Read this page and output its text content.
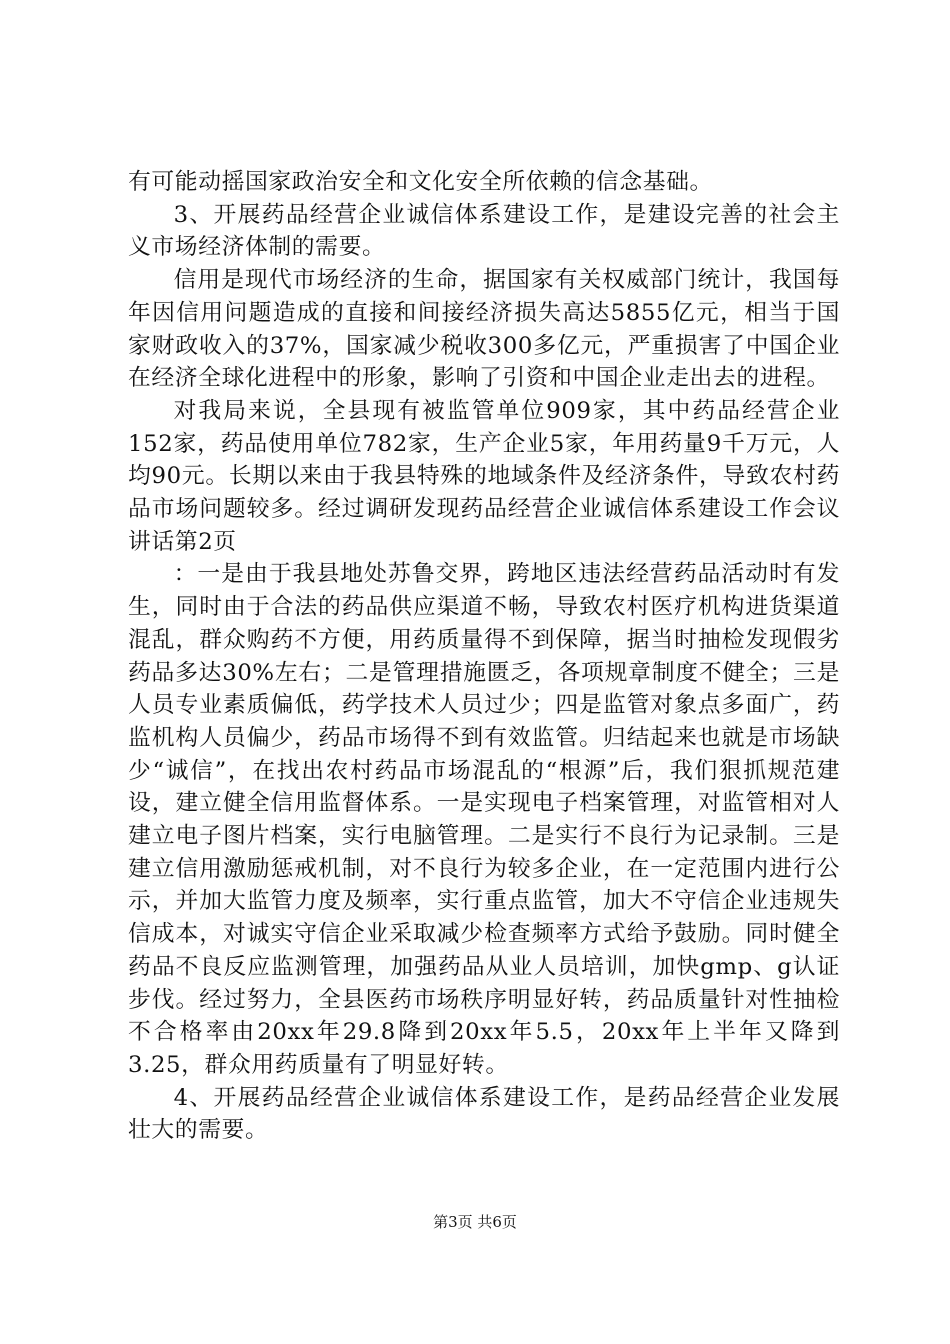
有可能动摇国家政治安全和文化安全所依赖的信念基础。

3、开展药品经营企业诚信体系建设工作，是建设完善的社会主义市场经济体制的需要。

信用是现代市场经济的生命，据国家有关权威部门统计，我国每年因信用问题造成的直接和间接经济损失高达5855亿元，相当于国家财政收入的37%，国家减少税收300多亿元，严重损害了中国企业在经济全球化进程中的形象，影响了引资和中国企业走出去的进程。

对我局来说，全县现有被监管单位909家，其中药品经营企业152家，药品使用单位782家，生产企业5家，年用药量9千万元，人均90元。长期以来由于我县特殊的地域条件及经济条件，导致农村药品市场问题较多。经过调研发现药品经营企业诚信体系建设工作会议讲话第2页

：一是由于我县地处苏鲁交界，跨地区违法经营药品活动时有发生，同时由于合法的药品供应渠道不畅，导致农村医疗机构进货渠道混乱，群众购药不方便，用药质量得不到保障，据当时抽检发现假劣药品多达30%左右；二是管理措施匮乏，各项规章制度不健全；三是人员专业素质偏低，药学技术人员过少；四是监管对象点多面广，药监机构人员偏少，药品市场得不到有效监管。归结起来也就是市场缺少“诚信”，在找出农村药品市场混乱的“根源”后，我们狠抓规范建设，建立健全信用监督体系。一是实现电子档案管理，对监管相对人建立电子图片档案，实行电脑管理。二是实行不良行为记录制。三是建立信用激励惩戒机制，对不良行为较多企业，在一定范围内进行公示，并加大监管力度及频率，实行重点监管，加大不守信企业违规失信成本，对诚实守信企业采取减少检查频率方式给予鼓励。同时健全药品不良反应监测管理，加强药品从业人员培训，加快gmp、g认证步伐。经过努力，全县医药市场秩序明显好转，药品质量针对性抽检不合格率由20xx年29.8降到20xx年5.5，20xx年上半年又降到3.25，群众用药质量有了明显好转。

4、开展药品经营企业诚信体系建设工作，是药品经营企业发展壮大的需要。

第3页 共6页
